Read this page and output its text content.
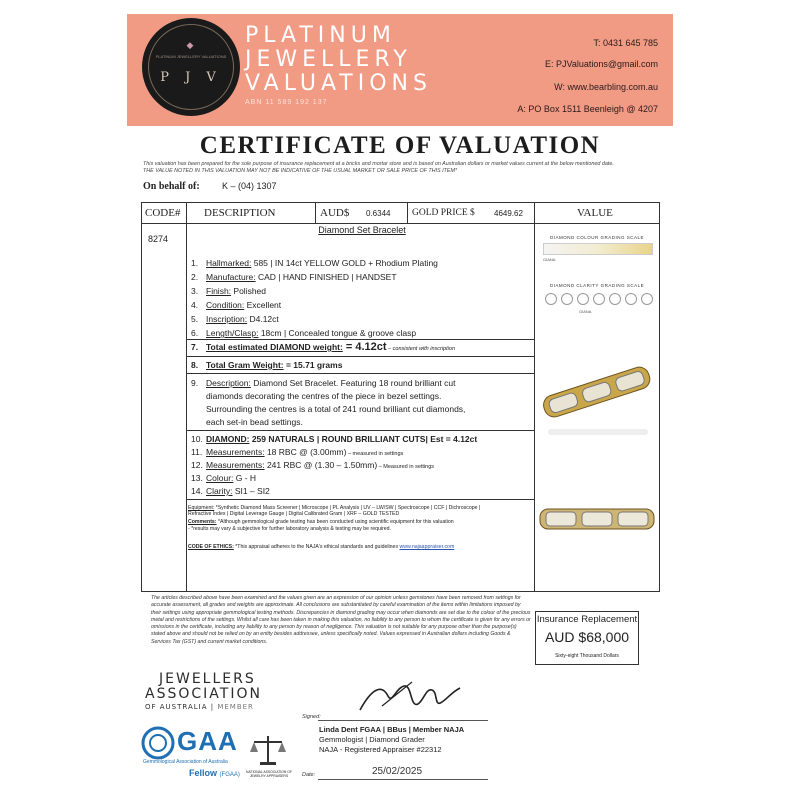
◆
PLATINUM JEWELLERY VALUATIONS
P J V
PLATINUM
JEWELLERY
VALUATIONS
ABN 11 589 192 137
T: 0431 645 785
E: PJValuations@gmail.com
W: www.bearbling.com.au
A: PO Box 1511 Beenleigh @ 4207
CERTIFICATE OF VALUATION
This valuation has been prepared for the sole purpose of insurance replacement at a bricks and mortar store and is based on Australian dollars or market values current at the below mentioned date.
THE VALUE NOTED IN THIS VALUATION MAY NOT BE INDICATIVE OF THE USUAL MARKET OR SALE PRICE OF THIS ITEM*
On behalf of: K – (04) 1307
CODE# DESCRIPTION	AUD$ 0.6344 GOLD PRICE $ 4649.62	VALUE
8274
Diamond Set Bracelet
1. Hallmarked: 585 | IN 14ct YELLOW GOLD + Rhodium Plating
2. Manufacture: CAD | HAND FINISHED | HANDSET
3. Finish: Polished
4. Condition: Excellent
5. Inscription: D4.12ct
6. Length/Clasp: 18cm | Concealed tongue & groove clasp
7. Total estimated DIAMOND weight: = 4.12ct – consistent with inscription
8. Total Gram Weight: = 15.71 grams
9. Description: Diamond Set Bracelet. Featuring 18 round brilliant cut
diamonds decorating the centres of the piece in bezel settings.
Surrounding the centres is a total of 241 round brilliant cut diamonds,
each set-in bead settings.
10. DIAMOND: 259 NATURALS | ROUND BRILLIANT CUTS| Est = 4.12ct
11. Measurements: 18 RBC @ (3.00mm) – measured in settings
12. Measurements: 241 RBC @ (1.30 – 1.50mm) – Measured in settings
13. Colour: G - H
14. Clarity: SI1 – SI2
Equipment: *Synthetic Diamond Mass Screener | Microscope | PL Analysis | UV – LW/SW | Spectroscope | CCF | Dichroscope |
Refractive Index | Digital Leverage Gauge | Digital Calibrated Gram | XRF – GOLD TESTED
Comments: *Although gemmological grade testing has been conducted using scientific equipment for this valuation
- *results may vary & subjective for further laboratory analysis & testing may be required.
CODE OF ETHICS: *This appraisal adheres to the NAJA's ethical standards and guidelines www.najaappraiser.com
DIAMOND COLOUR GRADING SCALE
GIANA
DIAMOND CLARITY GRADING SCALE
GIANA
The articles described above have been examined and the values given are an expression of our opinion unless gemstones have been removed from settings for accurate assessment, all grades and weights are approximate. All conclusions are substantiated by careful examination of the items within limitations imposed by their settings using appropriate gemmological testing methods. Discrepancies in diamond grading may occur when diamonds are set due to the colour of the precious metal and restrictions of the settings. Whilst all care has been taken in making this valuation, no liability to any person to whom the certificate is given for any errors or omissions in the certificate, including any liability to any person by reason of negligence. This valuation is not suitable for any purpose other than the purpose(s) stated above and should not be relied on by an entity besides addressee, unless specifically noted. Values expressed in Australian dollars including Goods & Services Tax (GST) and current market conditions.
Insurance Replacement
AUD $68,000
Sixty-eight Thousand Dollars
JEWELLERS
ASSOCIATION
OF AUSTRALIA | MEMBER
GAA
Gemmological Association of Australia
Fellow (FGAA)	NATIONAL ASSOCIATION OF JEWELRY APPRAISERS
Signed:
Linda Dent FGAA | BBus | Member NAJA
Gemmologist | Diamond Grader
NAJA - Registered Appraiser #22312
Date:	25/02/2025
